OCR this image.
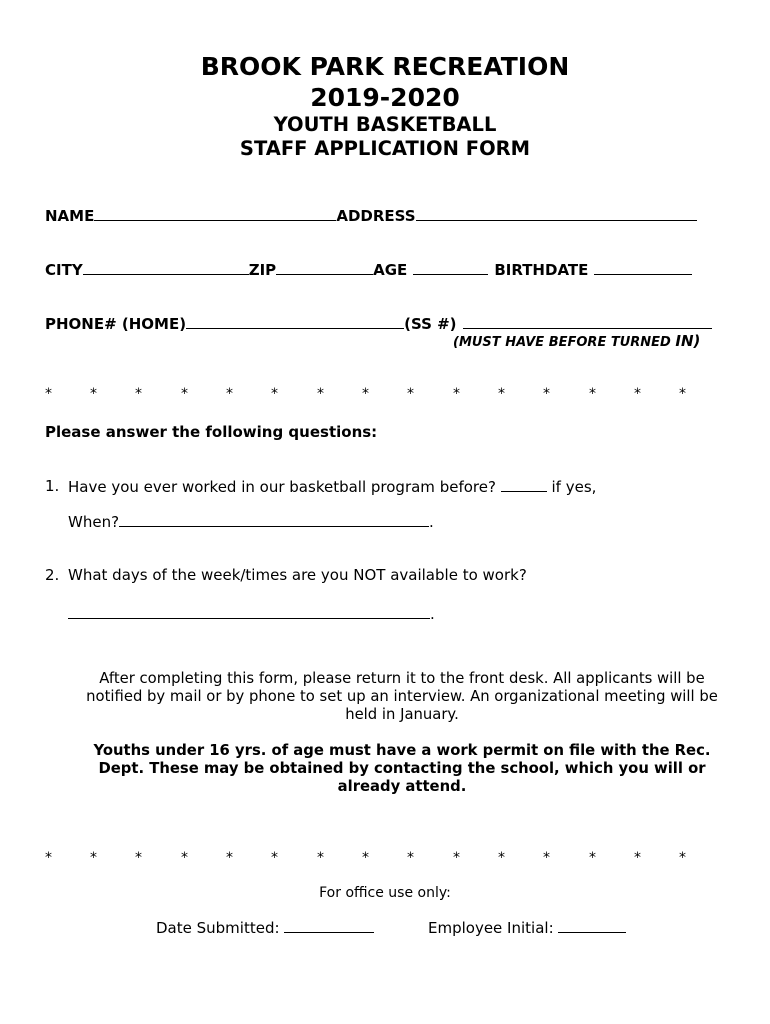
BROOK PARK RECREATION
2019-2020
YOUTH BASKETBALL
STAFF APPLICATION FORM
NAME	ADDRESS
CITY	ZIP	AGE	BIRTHDATE
PHONE# (HOME)	(SS #)
(MUST HAVE BEFORE TURNED IN)
*	*	*	*	*	*	*	*	*	*	*	*	*	*	*
Please answer the following questions:
1. Have you ever worked in our basketball program before?	if yes,
When?	.
2. What days of the week/times are you NOT available to work?
.
After completing this form, please return it to the front desk. All applicants will be notified by mail or by phone to set up an interview. An organizational meeting will be held in January.
Youths under 16 yrs. of age must have a work permit on file with the Rec. Dept. These may be obtained by contacting the school, which you will or already attend.
*	*	*	*	*	*	*	*	*	*	*	*	*	*	*
For office use only:
Date Submitted:	Employee Initial:
